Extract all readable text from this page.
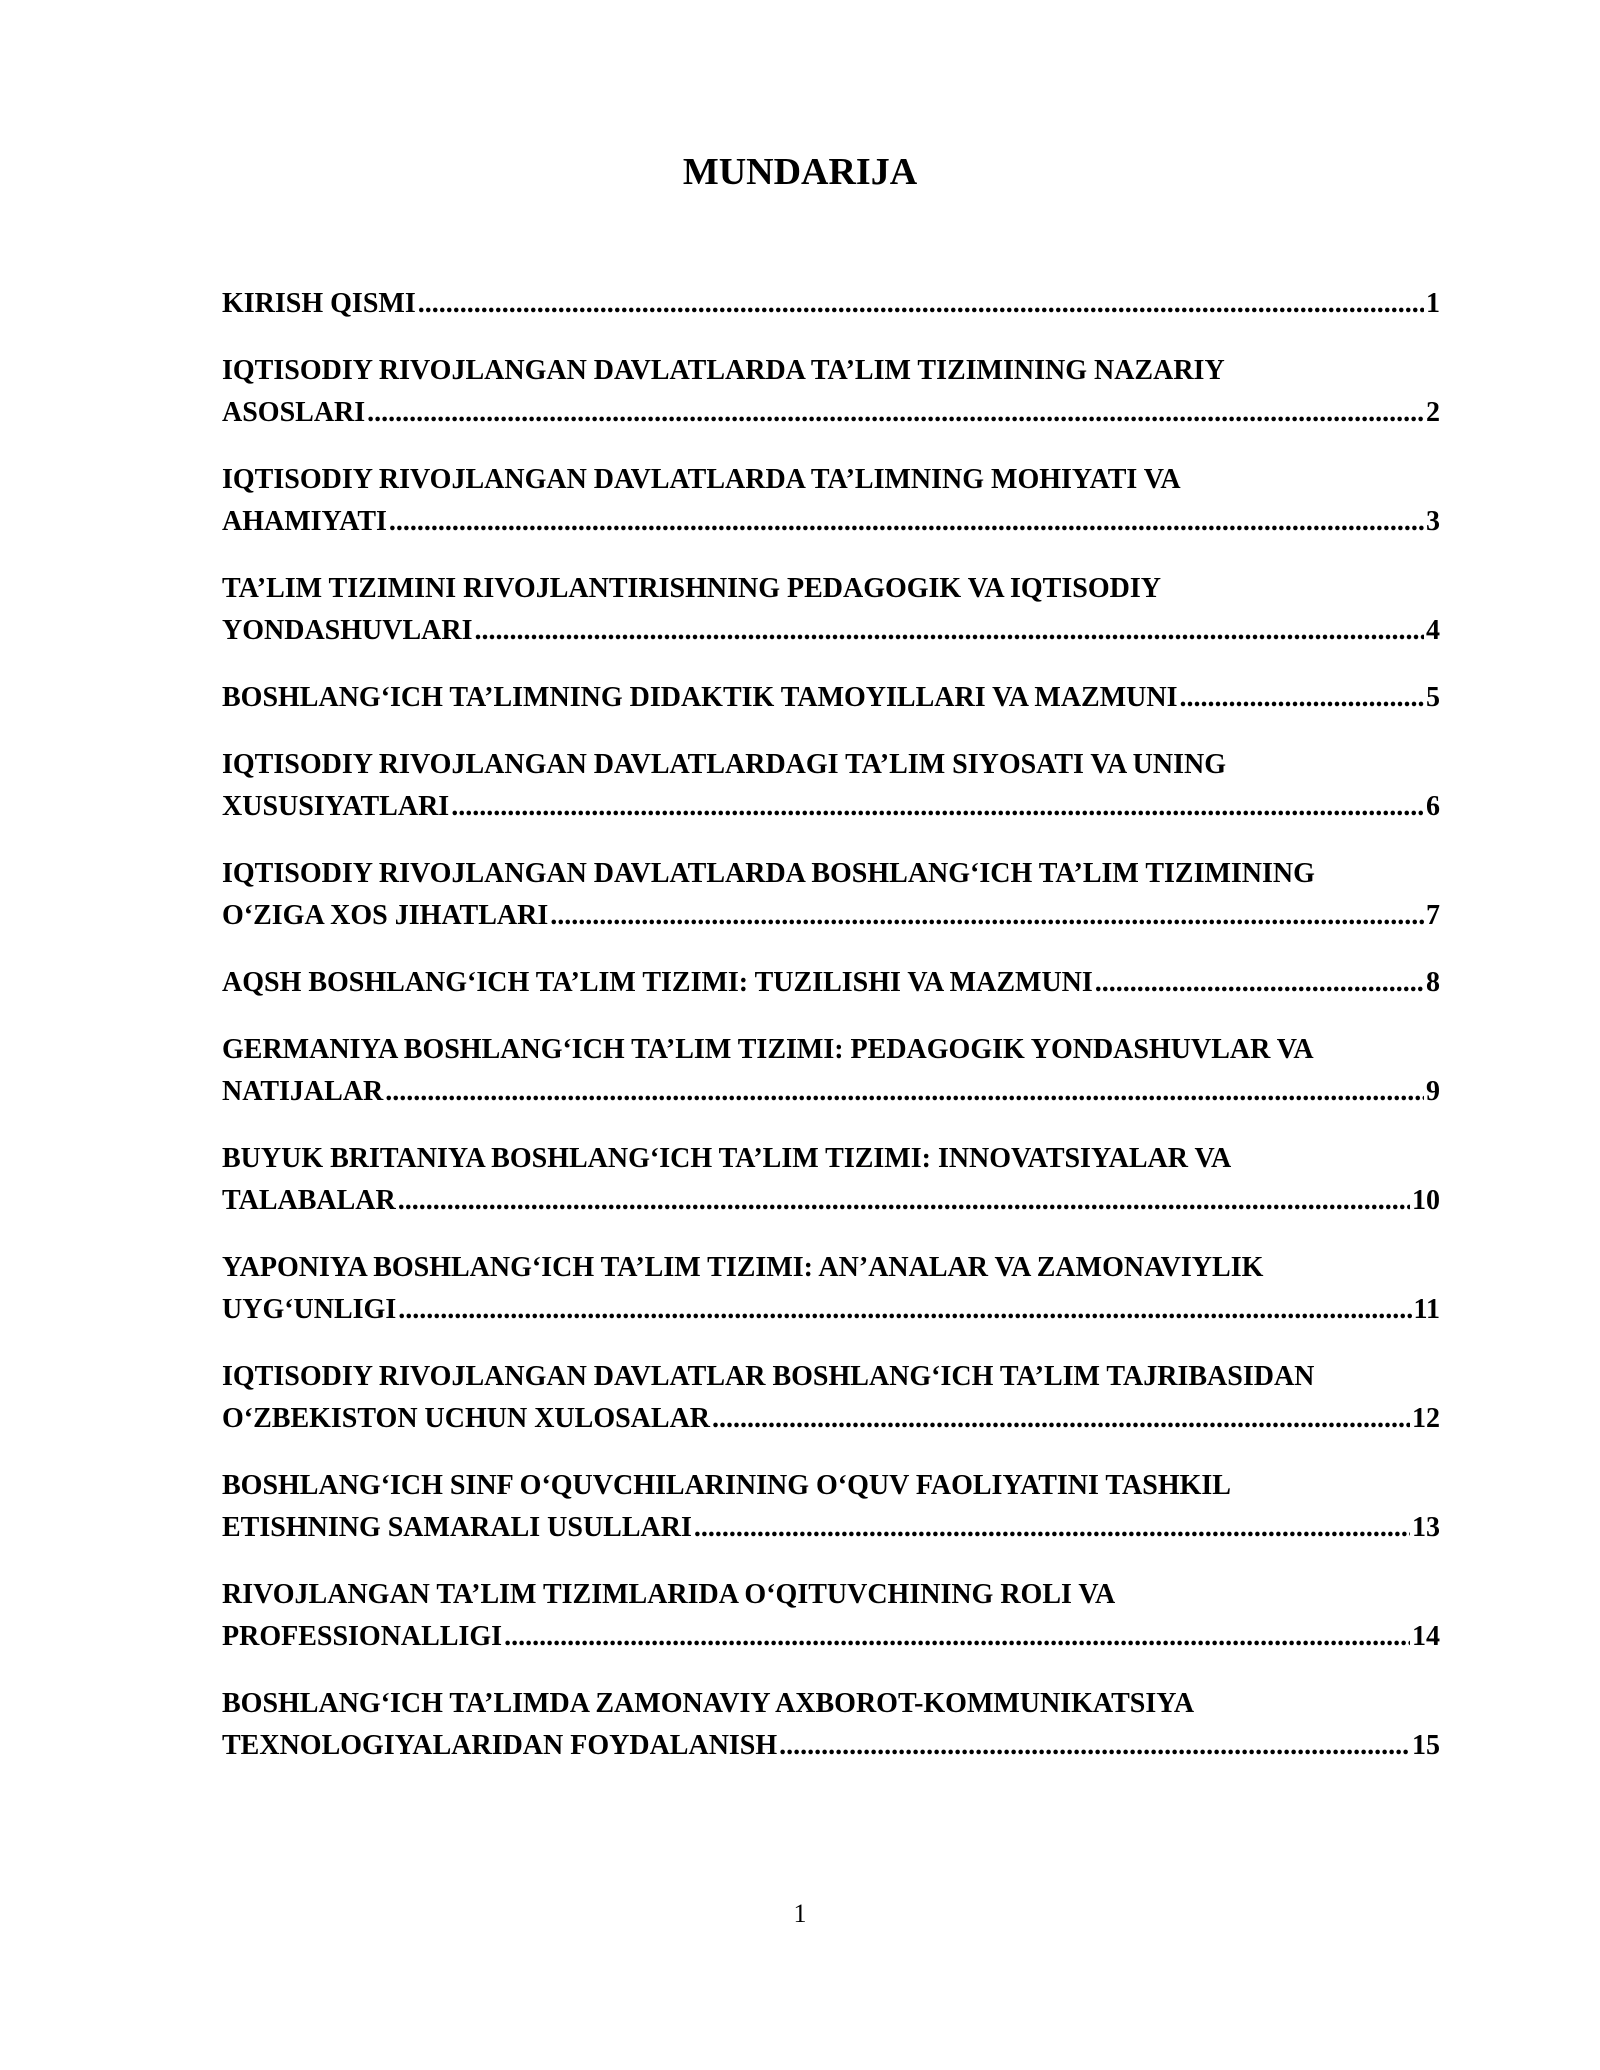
MUNDARIJA
KIRISH QISMI .....	1
IQTISODIY RIVOJLANGAN DAVLATLARDA TA’LIM TIZIMINING NAZARIY
ASOSLARI .....	2
IQTISODIY RIVOJLANGAN DAVLATLARDA TA’LIMNING MOHIYATI VA
AHAMIYATI .....	3
TA’LIM TIZIMINI RIVOJLANTIRISHNING PEDAGOGIK VA IQTISODIY
YONDASHUVLARI .....	4
BOSHLANG‘ICH TA’LIMNING DIDAKTIK TAMOYILLARI VA MAZMUNI .....	5
IQTISODIY RIVOJLANGAN DAVLATLARDAGI TA’LIM SIYOSATI VA UNING
XUSUSIYATLARI .....	6
IQTISODIY RIVOJLANGAN DAVLATLARDA BOSHLANG‘ICH TA’LIM TIZIMINING
O‘ZIGA XOS JIHATLARI .....	7
AQSH BOSHLANG‘ICH TA’LIM TIZIMI: TUZILISHI VA MAZMUNI .....	8
GERMANIYA BOSHLANG‘ICH TA’LIM TIZIMI: PEDAGOGIK YONDASHUVLAR VA
NATIJALAR .....	9
BUYUK BRITANIYA BOSHLANG‘ICH TA’LIM TIZIMI: INNOVATSIYALAR VA
TALABALAR .....	10
YAPONIYA BOSHLANG‘ICH TA’LIM TIZIMI: AN’ANALAR VA ZAMONAVIYLIK
UYG‘UNLIGI .....	11
IQTISODIY RIVOJLANGAN DAVLATLAR BOSHLANG‘ICH TA’LIM TAJRIBASIDAN
O‘ZBEKISTON UCHUN XULOSALAR .....	12
BOSHLANG‘ICH SINF O‘QUVCHILARINING O‘QUV FAOLIYATINI TASHKIL
ETISHNING SAMARALI USULLARI .....	13
RIVOJLANGAN TA’LIM TIZIMLARIDA O‘QITUVCHINING ROLI VA
PROFESSIONALLIGI .....	14
BOSHLANG‘ICH TA’LIMDA ZAMONAVIY AXBOROT-KOMMUNIKATSIYA
TEXNOLOGIYALARIDAN FOYDALANISH .....	15

1
